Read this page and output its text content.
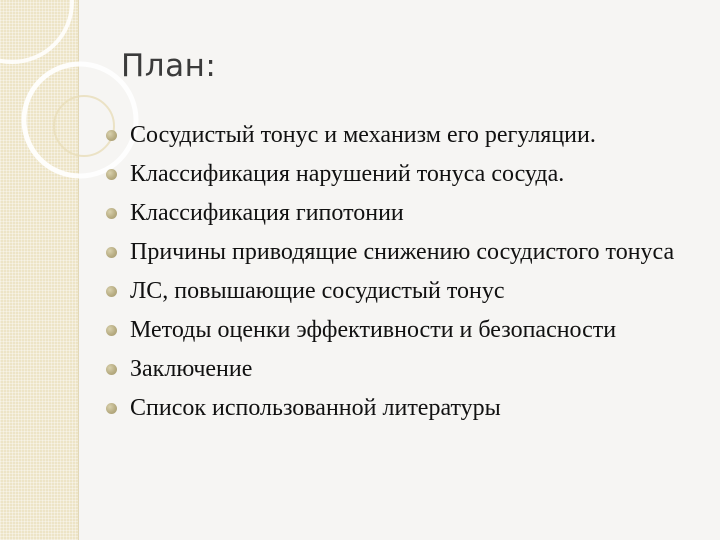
План:
Сосудистый тонус и механизм его регуляции.
Классификация нарушений тонуса сосуда.
Классификация гипотонии
Причины приводящие снижению сосудистого тонуса
ЛС, повышающие сосудистый тонус
Методы оценки эффективности и безопасности
Заключение
Список использованной литературы
